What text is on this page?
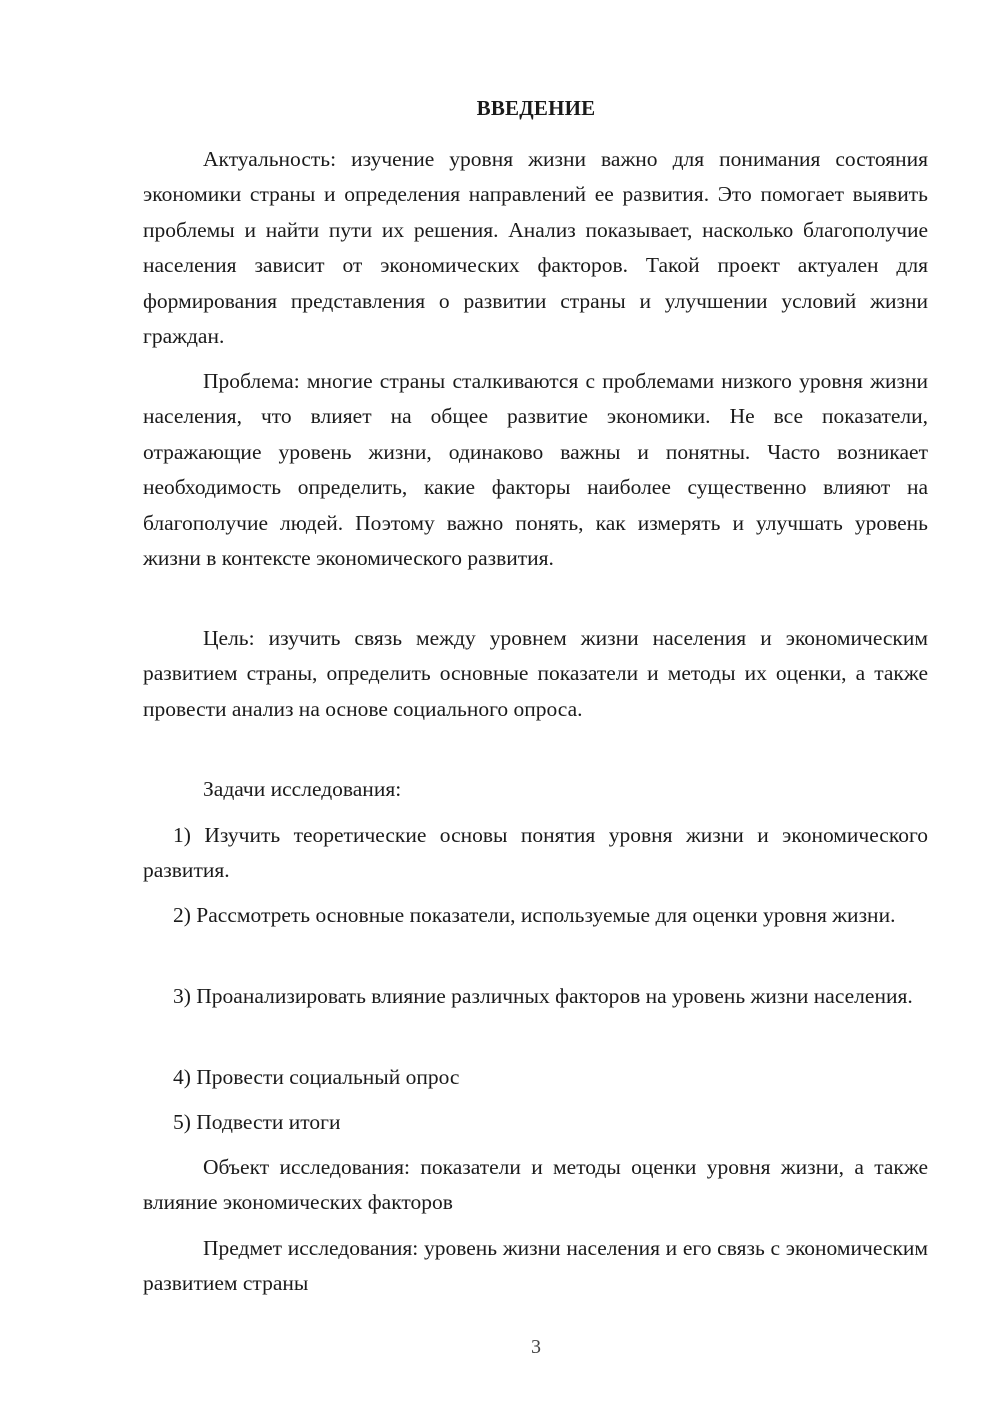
ВВЕДЕНИЕ

Актуальность: изучение уровня жизни важно для понимания состояния экономики страны и определения направлений ее развития. Это помогает выявить проблемы и найти пути их решения. Анализ показывает, насколько благополучие населения зависит от экономических факторов. Такой проект актуален для формирования представления о развитии страны и улучшении условий жизни граждан.

Проблема: многие страны сталкиваются с проблемами низкого уровня жизни населения, что влияет на общее развитие экономики. Не все показатели, отражающие уровень жизни, одинаково важны и понятны. Часто возникает необходимость определить, какие факторы наиболее существенно влияют на благополучие людей. Поэтому важно понять, как измерять и улучшать уровень жизни в контексте экономического развития.

Цель: изучить связь между уровнем жизни населения и экономическим развитием страны, определить основные показатели и методы их оценки, а также провести анализ на основе социального опроса.

Задачи исследования:

1) Изучить теоретические основы понятия уровня жизни и экономического развития.

2) Рассмотреть основные показатели, используемые для оценки уровня жизни.

3) Проанализировать влияние различных факторов на уровень жизни населения.

4) Провести социальный опрос

5) Подвести итоги

Объект исследования: показатели и методы оценки уровня жизни, а также влияние экономических факторов

Предмет исследования: уровень жизни населения и его связь с экономическим развитием страны

3
